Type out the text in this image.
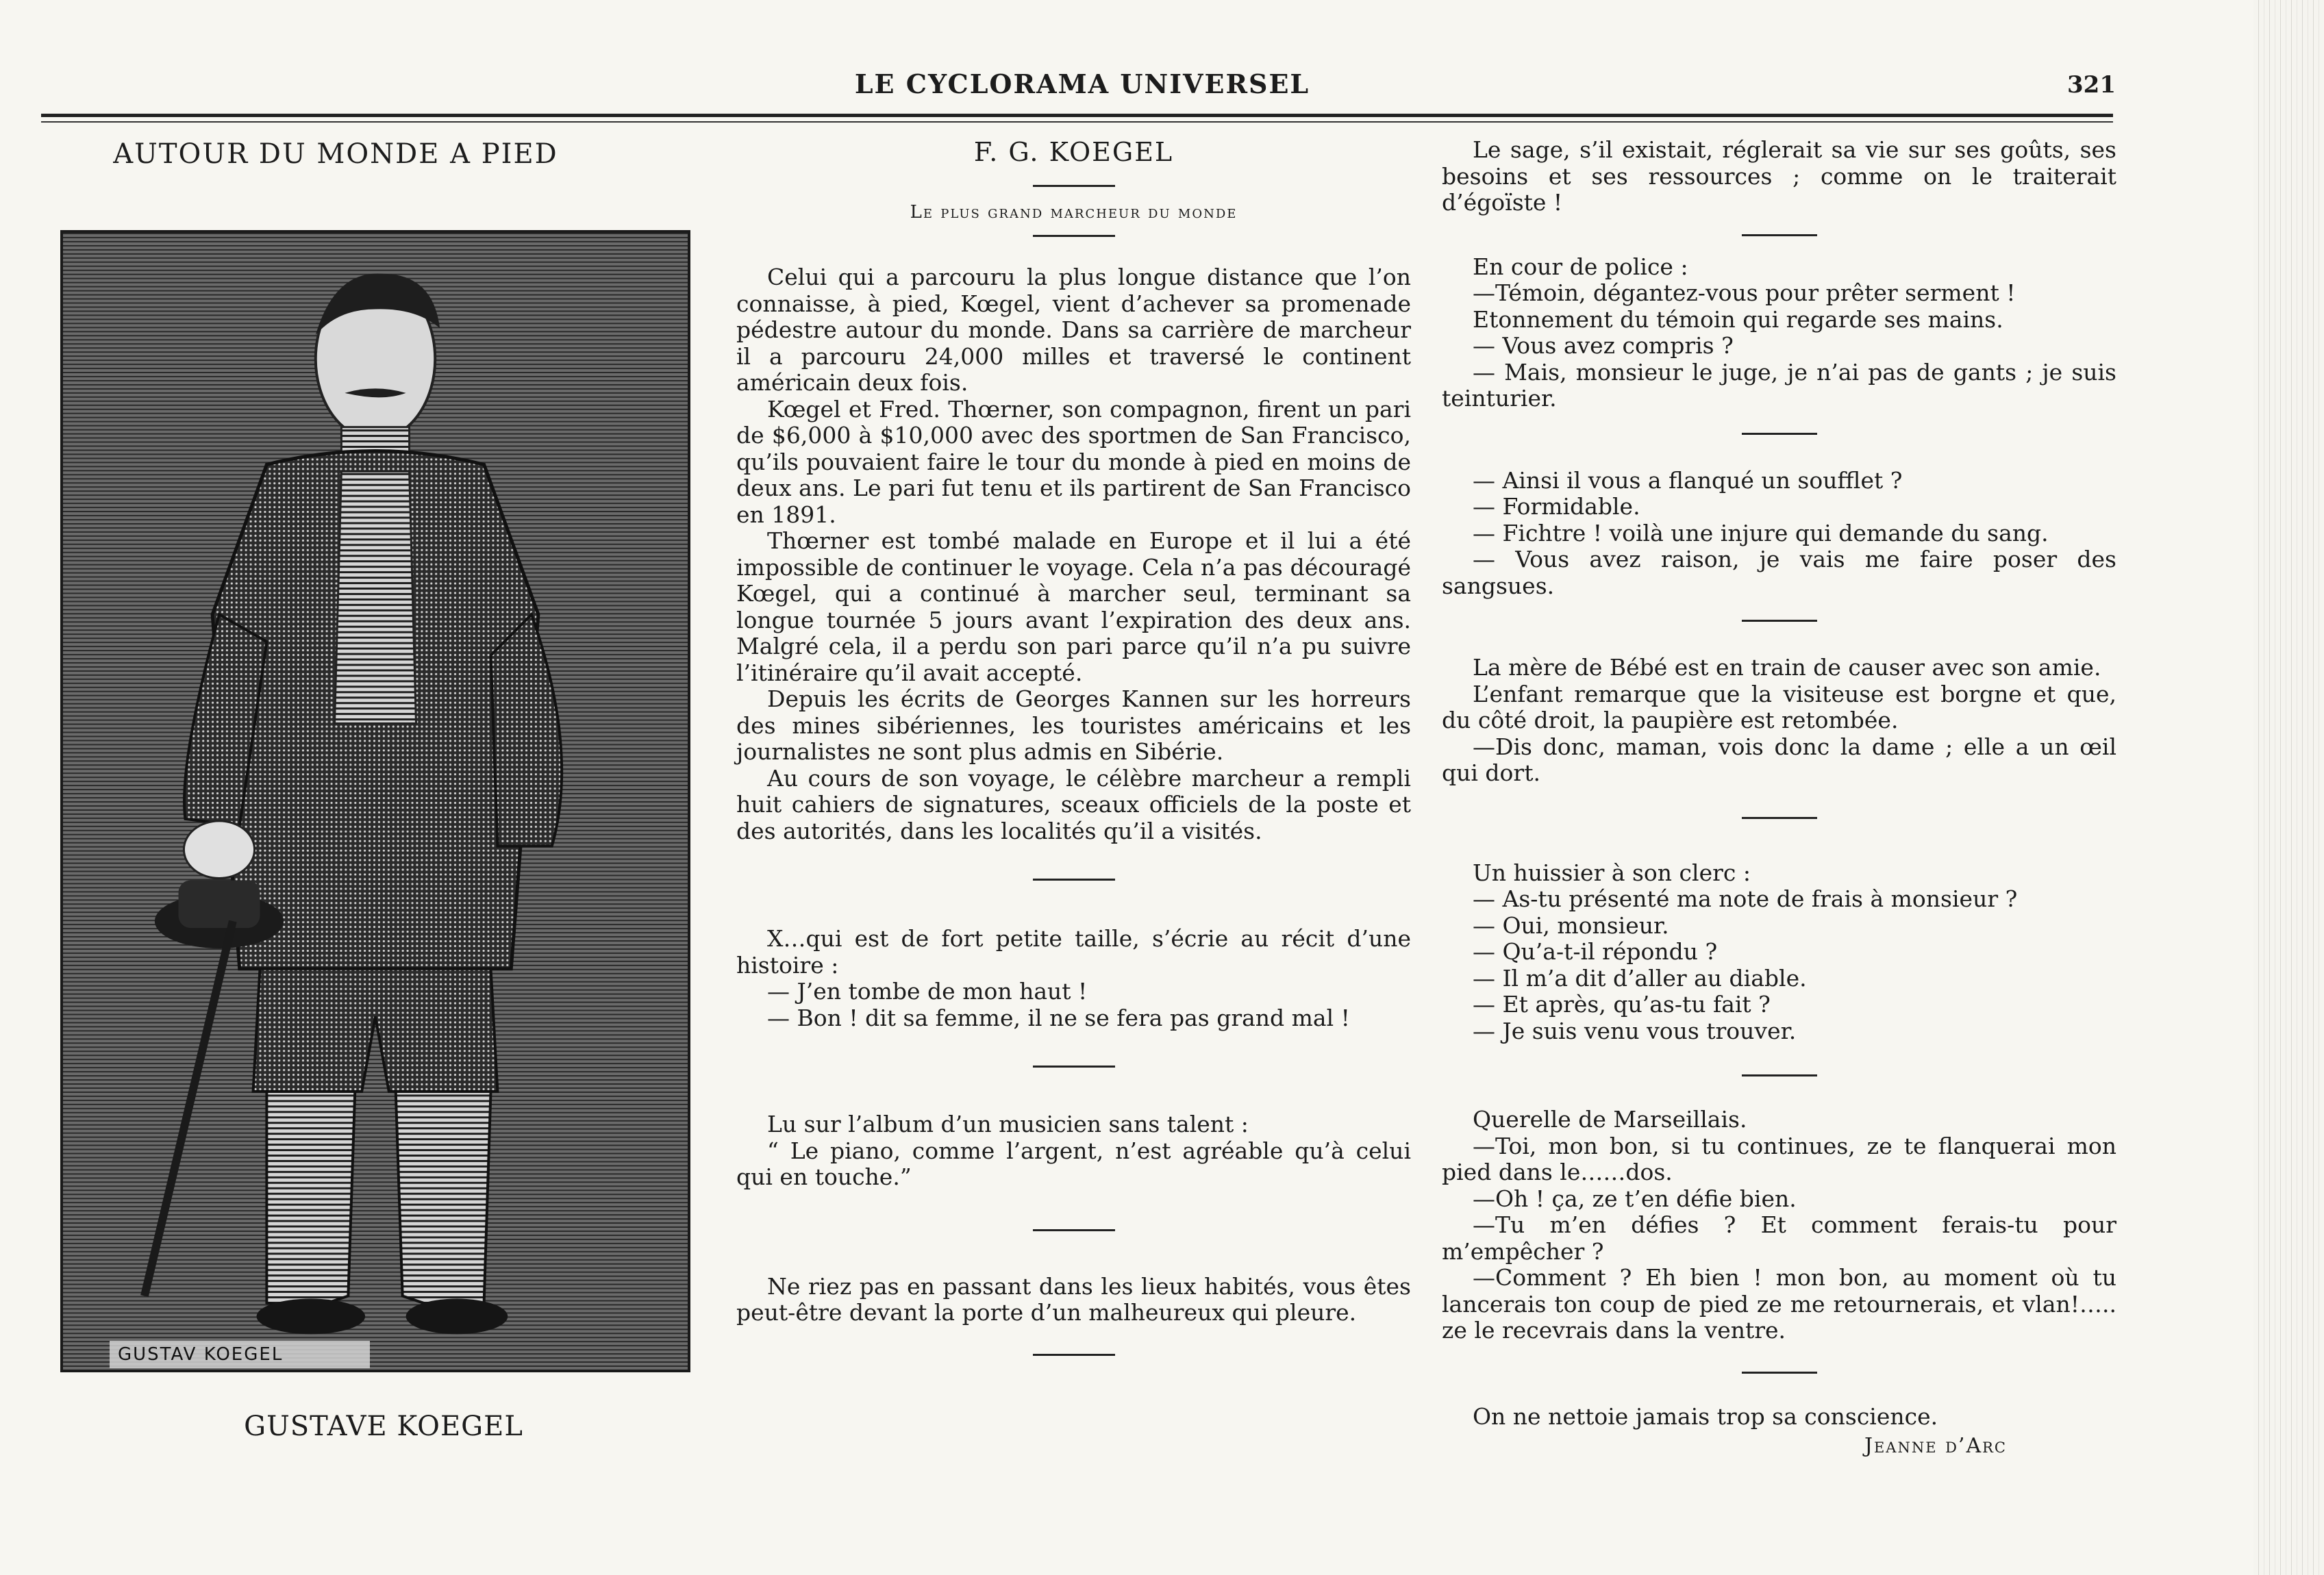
LE CYCLORAMA UNIVERSEL	321
AUTOUR DU MONDE A PIED
GUSTAV KOEGEL
GUSTAVE KOEGEL
F. G. KOEGEL
Le plus grand marcheur du monde

Celui qui a parcouru la plus longue distance que l’on connaisse, à pied, Kœgel, vient d’achever sa promenade pédestre autour du monde. Dans sa carrière de marcheur il a parcouru 24,000 milles et traversé le continent américain deux fois.

Kœgel et Fred. Thœrner, son compagnon, firent un pari de $6,000 à $10,000 avec des sportmen de San Francisco, qu’ils pouvaient faire le tour du monde à pied en moins de deux ans. Le pari fut tenu et ils partirent de San Francisco en 1891.

Thœrner est tombé malade en Europe et il lui a été impossible de continuer le voyage. Cela n’a pas découragé Kœgel, qui a continué à marcher seul, terminant sa longue tournée 5 jours avant l’expiration des deux ans. Malgré cela, il a perdu son pari parce qu’il n’a pu suivre l’itinéraire qu’il avait accepté.

Depuis les écrits de Georges Kannen sur les horreurs des mines sibériennes, les touristes américains et les journalistes ne sont plus admis en Sibérie.

Au cours de son voyage, le célèbre marcheur a rempli huit cahiers de signatures, sceaux officiels de la poste et des autorités, dans les localités qu’il a visités.

X…qui est de fort petite taille, s’écrie au récit d’une histoire :

— J’en tombe de mon haut !

— Bon ! dit sa femme, il ne se fera pas grand mal !

Lu sur l’album d’un musicien sans talent :

“ Le piano, comme l’argent, n’est agréable qu’à celui qui en touche.”

Ne riez pas en passant dans les lieux habités, vous êtes peut-être devant la porte d’un malheureux qui pleure.

Le sage, s’il existait, réglerait sa vie sur ses goûts, ses besoins et ses ressources ; comme on le traiterait d’égoïste !

En cour de police :

—Témoin, dégantez-vous pour prêter serment !

Etonnement du témoin qui regarde ses mains.

— Vous avez compris ?

— Mais, monsieur le juge, je n’ai pas de gants ; je suis teinturier.

— Ainsi il vous a flanqué un soufflet ?

— Formidable.

— Fichtre ! voilà une injure qui demande du sang.

— Vous avez raison, je vais me faire poser des sangsues.

La mère de Bébé est en train de causer avec son amie.

L’enfant remarque que la visiteuse est borgne et que, du côté droit, la paupière est retombée.

—Dis donc, maman, vois donc la dame ; elle a un œil qui dort.

Un huissier à son clerc :

— As-tu présenté ma note de frais à monsieur ?

— Oui, monsieur.

— Qu’a-t-il répondu ?

— Il m’a dit d’aller au diable.

— Et après, qu’as-tu fait ?

— Je suis venu vous trouver.

Querelle de Marseillais.

—Toi, mon bon, si tu continues, ze te flanquerai mon pied dans le……dos.

—Oh ! ça, ze t’en défie bien.

—Tu m’en défies ? Et comment ferais-tu pour m’empêcher ?

—Comment ? Eh bien ! mon bon, au moment où tu lancerais ton coup de pied ze me retournerais, et vlan!….. ze le recevrais dans la ventre.

On ne nettoie jamais trop sa conscience.

Jeanne d’Arc
